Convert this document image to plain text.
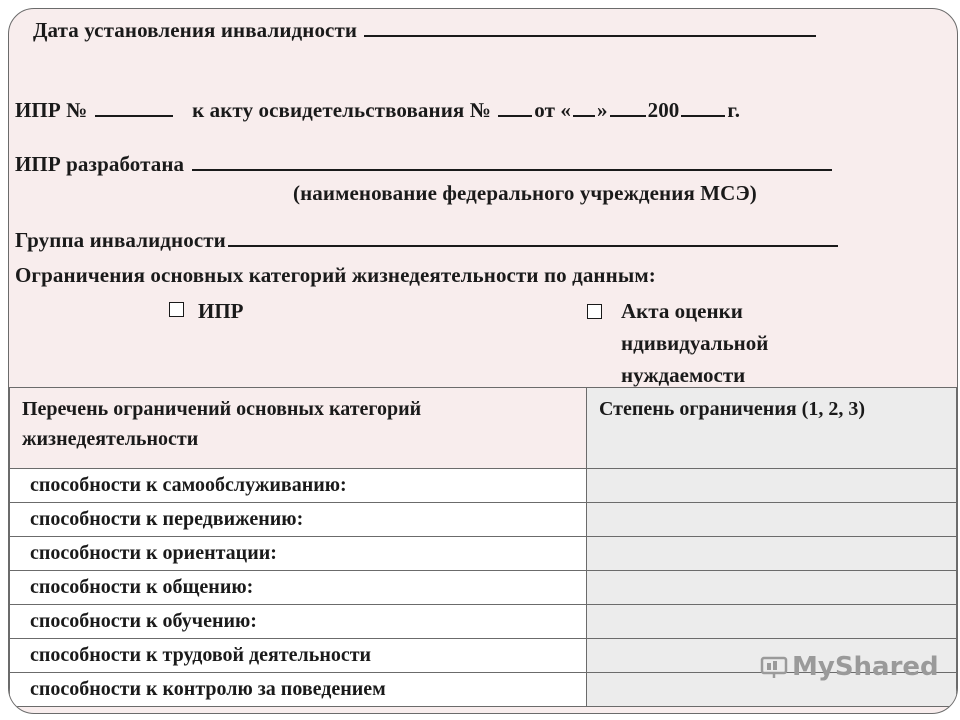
Дата установления инвалидности
ИПР №	к акту освидетельствования № от « » 200 г.
ИПР разработана
(наименование федерального учреждения МСЭ)
Группа инвалидности
Ограничения основных категорий жизнедеятельности по данным:
ИПР	Акта оценки ндивидуальной нуждаемости
Перечень ограничений основных категорий жизнедеятельности	Степень ограничения (1, 2, 3)
способности к самообслуживанию:	
способности к передвижению:	
способности к ориентации:	
способности к общению:	
способности к обучению:	
способности к трудовой деятельности	
способности к контролю за поведением	
MyShared
